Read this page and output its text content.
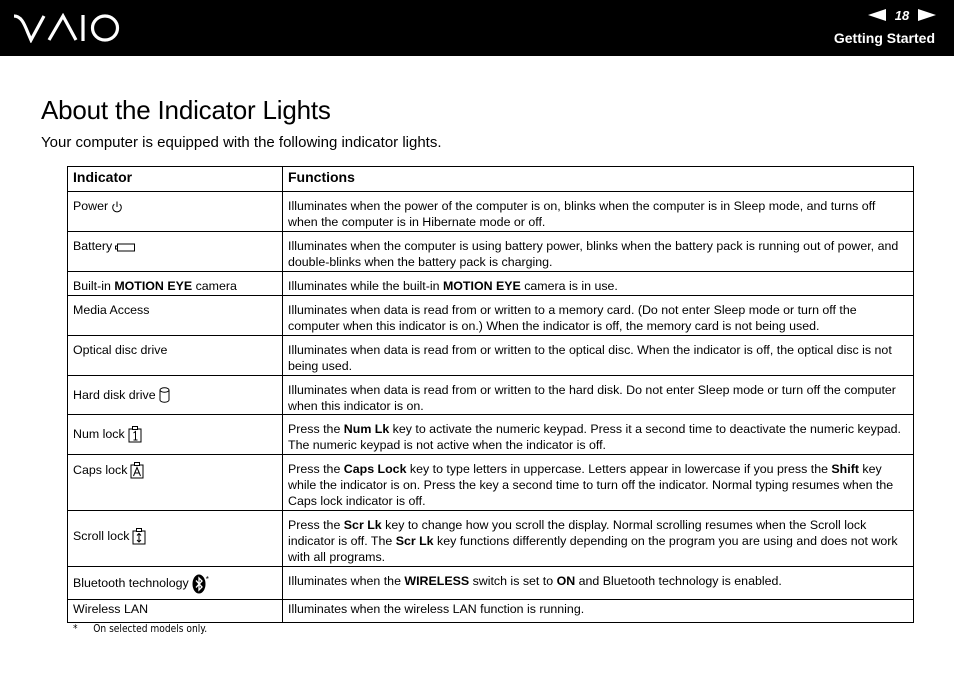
18
Getting Started
About the Indicator Lights

Your computer is equipped with the following indicator lights.

Indicator	Functions
Power	Illuminates when the power of the computer is on, blinks when the computer is in Sleep mode, and turns off when the computer is in Hibernate mode or off.
Battery	Illuminates when the computer is using battery power, blinks when the battery pack is running out of power, and double-blinks when the battery pack is charging.
Built-in MOTION EYE camera	Illuminates while the built-in MOTION EYE camera is in use.
Media Access	Illuminates when data is read from or written to a memory card. (Do not enter Sleep mode or turn off the computer when this indicator is on.) When the indicator is off, the memory card is not being used.
Optical disc drive	Illuminates when data is read from or written to the optical disc. When the indicator is off, the optical disc is not being used.
Hard disk drive	Illuminates when data is read from or written to the hard disk. Do not enter Sleep mode or turn off the computer when this indicator is on.
Num lock	Press the Num Lk key to activate the numeric keypad. Press it a second time to deactivate the numeric keypad. The numeric keypad is not active when the indicator is off.
Caps lock	Press the Caps Lock key to type letters in uppercase. Letters appear in lowercase if you press the Shift key while the indicator is on. Press the key a second time to turn off the indicator. Normal typing resumes when the Caps lock indicator is off.
Scroll lock	Press the Scr Lk key to change how you scroll the display. Normal scrolling resumes when the Scroll lock indicator is off. The Scr Lk key functions differently depending on the program you are using and does not work with all programs.
Bluetooth technology *	Illuminates when the WIRELESS switch is set to ON and Bluetooth technology is enabled.
Wireless LAN	Illuminates when the wireless LAN function is running.
* On selected models only.
